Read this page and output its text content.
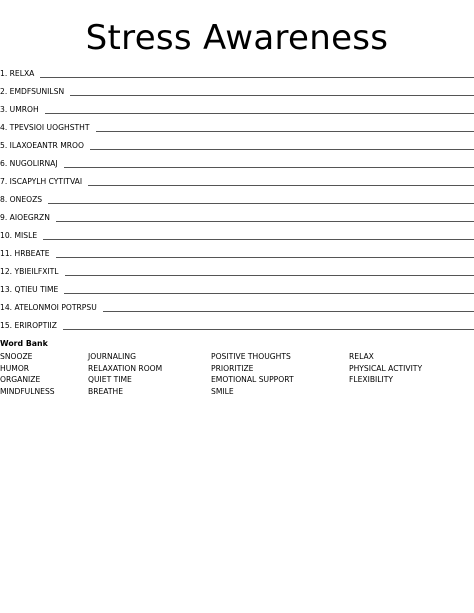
Stress Awareness
1. RELXA
2. EMDFSUNILSN
3. UMROH
4. TPEVSIOI UOGHSTHT
5. ILAXOEANTR MROO
6. NUGOLIRNAJ
7. ISCAPYLH CYTITVAI
8. ONEOZS
9. AIOEGRZN
10. MISLE
11. HRBEATE
12. YBIEILFXITL
13. QTIEU TIME
14. ATELONMOI POTRPSU
15. ERIROPTIIZ
Word Bank
SNOOZE
HUMOR
ORGANIZE
MINDFULNESS
JOURNALING
RELAXATION ROOM
QUIET TIME
BREATHE
POSITIVE THOUGHTS
PRIORITIZE
EMOTIONAL SUPPORT
SMILE
RELAX
PHYSICAL ACTIVITY
FLEXIBILITY
